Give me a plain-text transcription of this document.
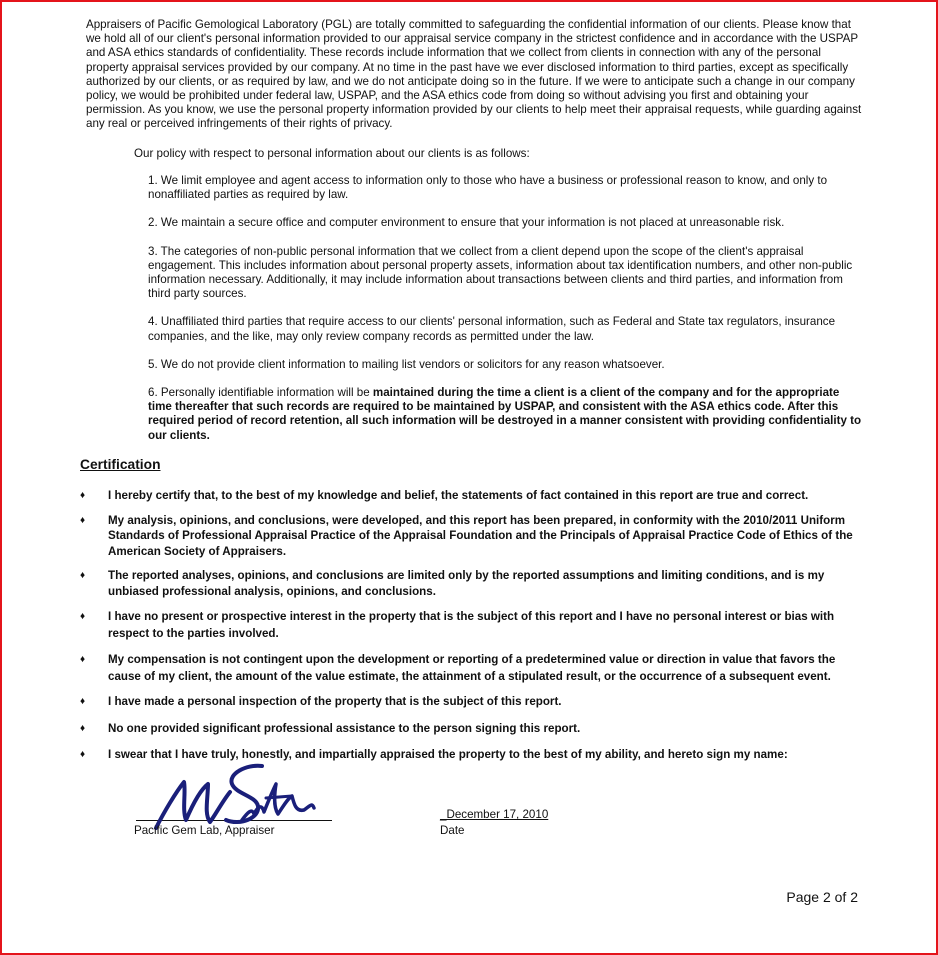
Appraisers of Pacific Gemological Laboratory (PGL) are totally committed to safeguarding the confidential information of our clients. Please know that we hold all of our client's personal information provided to our appraisal service company in the strictest confidence and in accordance with the USPAP and ASA ethics standards of confidentiality. These records include information that we collect from clients in connection with any of the personal property appraisal services provided by our company. At no time in the past have we ever disclosed information to third parties, except as specifically authorized by our clients, or as required by law, and we do not anticipate doing so in the future. If we were to anticipate such a change in our company policy, we would be prohibited under federal law, USPAP, and the ASA ethics code from doing so without advising you first and obtaining your permission. As you know, we use the personal property information provided by our clients to help meet their appraisal requests, while guarding against any real or perceived infringements of their rights of privacy.

Our policy with respect to personal information about our clients is as follows:

1. We limit employee and agent access to information only to those who have a business or professional reason to know, and only to nonaffiliated parties as required by law.
2. We maintain a secure office and computer environment to ensure that your information is not placed at unreasonable risk.
3. The categories of non-public personal information that we collect from a client depend upon the scope of the client's appraisal engagement. This includes information about personal property assets, information about tax identification numbers, and other non-public information necessary. Additionally, it may include information about transactions between clients and third parties, and information from third party sources.
4. Unaffiliated third parties that require access to our clients' personal information, such as Federal and State tax regulators, insurance companies, and the like, may only review company records as permitted under the law.
5. We do not provide client information to mailing list vendors or solicitors for any reason whatsoever.
6. Personally identifiable information will be maintained during the time a client is a client of the company and for the appropriate time thereafter that such records are required to be maintained by USPAP, and consistent with the ASA ethics code. After this required period of record retention, all such information will be destroyed in a manner consistent with providing confidentiality to our clients.
Certification
♦ I hereby certify that, to the best of my knowledge and belief, the statements of fact contained in this report are true and correct.
♦ My analysis, opinions, and conclusions, were developed, and this report has been prepared, in conformity with the 2010/2011 Uniform Standards of Professional Appraisal Practice of the Appraisal Foundation and the Principals of Appraisal Practice Code of Ethics of the American Society of Appraisers.
♦ The reported analyses, opinions, and conclusions are limited only by the reported assumptions and limiting conditions, and is my unbiased professional analysis, opinions, and conclusions.
♦ I have no present or prospective interest in the property that is the subject of this report and I have no personal interest or bias with respect to the parties involved.
♦ My compensation is not contingent upon the development or reporting of a predetermined value or direction in value that favors the cause of my client, the amount of the value estimate, the attainment of a stipulated result, or the occurrence of a subsequent event.
♦ I have made a personal inspection of the property that is the subject of this report.
♦ No one provided significant professional assistance to the person signing this report.
♦ I swear that I have truly, honestly, and impartially appraised the property to the best of my ability, and hereto sign my name:
Pacific Gem Lab, Appraiser
_December 17, 2010
Date
Page 2 of 2
